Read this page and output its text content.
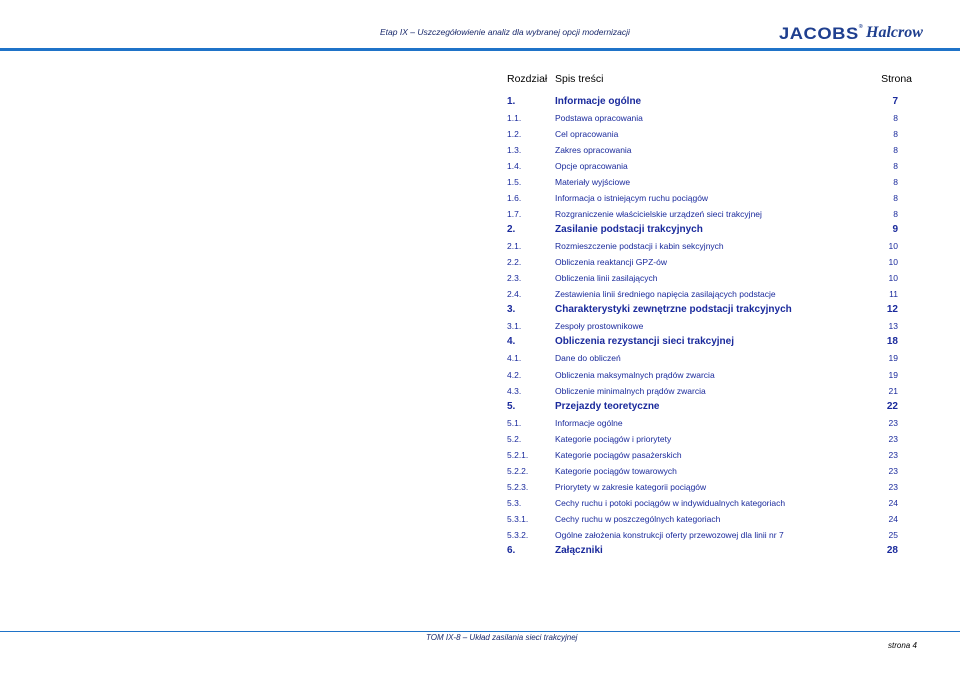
Etap IX – Uszczegółowienie analiz dla wybranej opcji modernizacji	JACOBS® Halcrow
Rozdział Spis treści	Strona
1.	Informacje ogólne	7
1.1.	Podstawa opracowania	8
1.2.	Cel opracowania	8
1.3.	Zakres opracowania	8
1.4.	Opcje opracowania	8
1.5.	Materiały wyjściowe	8
1.6.	Informacja o istniejącym ruchu pociągów	8
1.7.	Rozgraniczenie właścicielskie urządzeń sieci trakcyjnej	8
2.	Zasilanie podstacji trakcyjnych	9
2.1.	Rozmieszczenie podstacji i kabin sekcyjnych	10
2.2.	Obliczenia reaktancji GPZ-ów	10
2.3.	Obliczenia linii zasilających	10
2.4.	Zestawienia linii średniego napięcia zasilających podstacje	11
3.	Charakterystyki zewnętrzne podstacji trakcyjnych	12
3.1.	Zespoły prostownikowe	13
4.	Obliczenia rezystancji sieci trakcyjnej	18
4.1.	Dane do obliczeń	19
4.2.	Obliczenia maksymalnych prądów zwarcia	19
4.3.	Obliczenie minimalnych prądów zwarcia	21
5.	Przejazdy teoretyczne	22
5.1.	Informacje ogólne	23
5.2.	Kategorie pociągów i priorytety	23
5.2.1.	Kategorie pociągów pasażerskich	23
5.2.2.	Kategorie pociągów towarowych	23
5.2.3.	Priorytety w zakresie kategorii pociągów	23
5.3.	Cechy ruchu i potoki pociągów w indywidualnych kategoriach	24
5.3.1.	Cechy ruchu w poszczególnych kategoriach	24
5.3.2.	Ogólne założenia konstrukcji oferty przewozowej dla linii nr 7	25
6.	Załączniki	28
TOM IX-8 – Układ zasilania sieci trakcyjnej
strona 4
